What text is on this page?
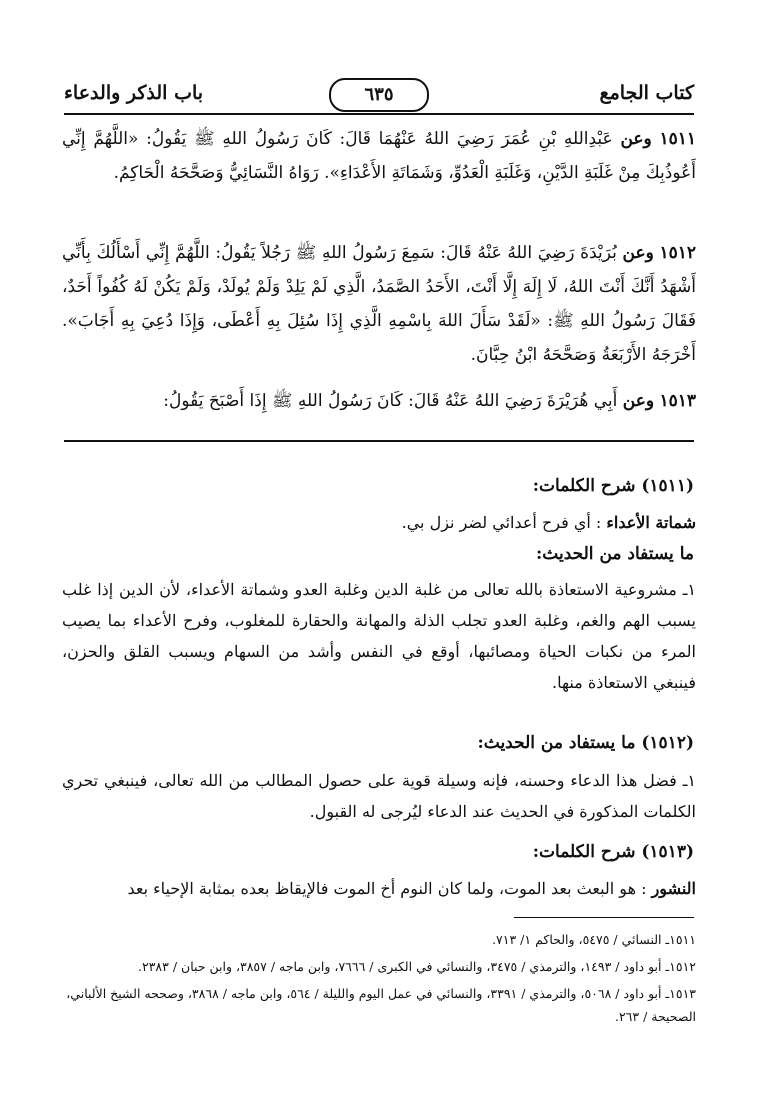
كتاب الجامع
٦٣٥
باب الذكر والدعاء
١٥١١ وعن عَبْدِاللهِ بْنِ عُمَرَ رَضِيَ اللهُ عَنْهُمَا قَالَ: كَانَ رَسُولُ اللهِ ﷺ يَقُولُ: «اللَّهُمَّ إِنِّي أَعُوذُبِكَ مِنْ غَلَبَةِ الدَّيْنِ، وَغَلَبَةِ الْعَدُوِّ، وَشَمَاتَةِ الأَعْدَاءِ». رَوَاهُ النَّسَائِيُّ وَصَحَّحَهُ الْحَاكِمُ.
١٥١٢ وعن بُرَيْدَةَ رَضِيَ اللهُ عَنْهُ قَالَ: سَمِعَ رَسُولُ اللهِ ﷺ رَجُلاً يَقُولُ: اللَّهُمَّ إِنِّي أَسْأَلُكَ بِأَنِّي أَشْهَدُ أَنَّكَ أَنْتَ اللهُ، لَا إِلَهَ إِلَّا أَنْتَ، الأَحَدُ الصَّمَدُ، الَّذِي لَمْ يَلِدْ وَلَمْ يُولَدْ، وَلَمْ يَكُنْ لَهُ كُفُواً أَحَدٌ، فَقَالَ رَسُولُ اللهِ ﷺ: «لَقَدْ سَأَلَ اللهَ بِاسْمِهِ الَّذِي إِذَا سُئِلَ بِهِ أَعْطَى، وَإِذَا دُعِيَ بِهِ أَجَابَ». أَخْرَجَهُ الأَرْبَعَةُ وَصَحَّحَهُ ابْنُ حِبَّانَ.
١٥١٣ وعن أَبِي هُرَيْرَةَ رَضِيَ اللهُ عَنْهُ قَالَ: كَانَ رَسُولُ اللهِ ﷺ إِذَا أَصْبَحَ يَقُولُ:
(١٥١١) شرح الكلمات:
شماتة الأعداء : أي فرح أعدائي لضر نزل بي.
ما يستفاد من الحديث:
١ـ مشروعية الاستعاذة بالله تعالى من غلبة الدين وغلبة العدو وشماتة الأعداء، لأن الدين إذا غلب يسبب الهم والغم، وغلبة العدو تجلب الذلة والمهانة والحقارة للمغلوب، وفرح الأعداء بما يصيب المرء من نكبات الحياة ومصائبها، أوقع في النفس وأشد من السهام ويسبب القلق والحزن، فينبغي الاستعاذة منها.
(١٥١٢) ما يستفاد من الحديث:
١ـ فضل هذا الدعاء وحسنه، فإنه وسيلة قوية على حصول المطالب من الله تعالى، فينبغي تحري الكلمات المذكورة في الحديث عند الدعاء ليُرجى له القبول.
(١٥١٣) شرح الكلمات:
النشور : هو البعث بعد الموت، ولما كان النوم أخ الموت فالإيقاظ بعده بمثابة الإحياء بعد
١٥١١ـ النسائي / ٥٤٧٥، والحاكم ١/ ٧١٣.
١٥١٢ـ أبو داود / ١٤٩٣، والترمذي / ٣٤٧٥، والنسائي في الكبرى / ٧٦٦٦، وابن ماجه / ٣٨٥٧، وابن حبان / ٢٣٨٣.
١٥١٣ـ أبو داود / ٥٠٦٨، والترمذي / ٣٣٩١، والنسائي في عمل اليوم والليلة / ٥٦٤، وابن ماجه / ٣٨٦٨، وصححه الشيخ الألباني، الصحيحة / ٢٦٣.
